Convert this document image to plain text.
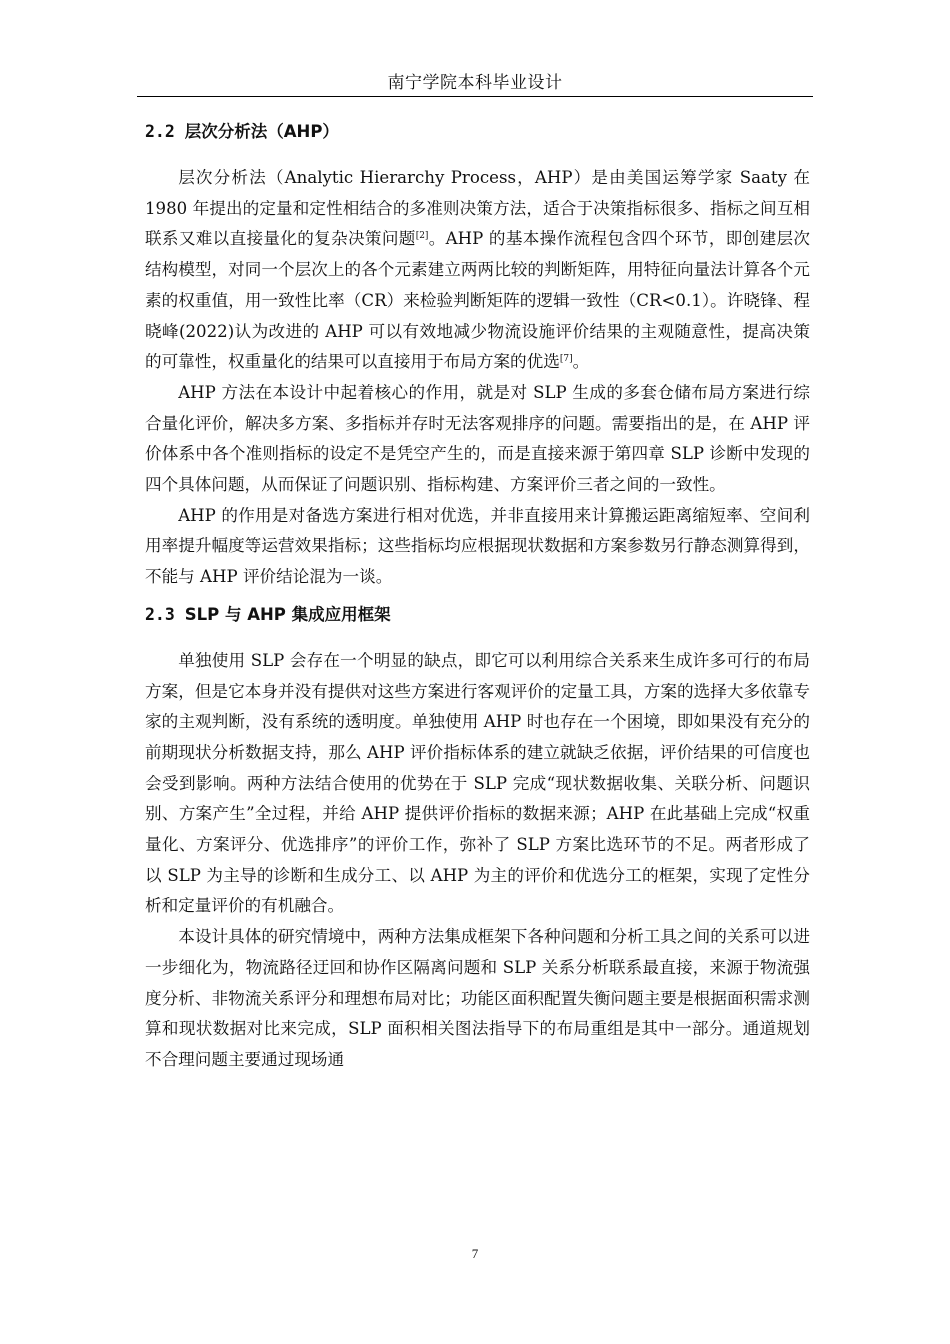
南宁学院本科毕业设计
2.2 层次分析法（AHP）

层次分析法（Analytic Hierarchy Process，AHP）是由美国运筹学家 Saaty 在 1980 年提出的定量和定性相结合的多准则决策方法，适合于决策指标很多、指标之间互相联系又难以直接量化的复杂决策问题[2]。AHP 的基本操作流程包含四个环节，即创建层次结构模型，对同一个层次上的各个元素建立两两比较的判断矩阵，用特征向量法计算各个元素的权重值，用一致性比率（CR）来检验判断矩阵的逻辑一致性（CR<0.1）。许晓锋、程晓峰(2022)认为改进的 AHP 可以有效地减少物流设施评价结果的主观随意性，提高决策的可靠性，权重量化的结果可以直接用于布局方案的优选[7]。

AHP 方法在本设计中起着核心的作用，就是对 SLP 生成的多套仓储布局方案进行综合量化评价，解决多方案、多指标并存时无法客观排序的问题。需要指出的是，在 AHP 评价体系中各个准则指标的设定不是凭空产生的，而是直接来源于第四章 SLP 诊断中发现的四个具体问题，从而保证了问题识别、指标构建、方案评价三者之间的一致性。

AHP 的作用是对备选方案进行相对优选，并非直接用来计算搬运距离缩短率、空间利用率提升幅度等运营效果指标；这些指标均应根据现状数据和方案参数另行静态测算得到，不能与 AHP 评价结论混为一谈。

2.3 SLP 与 AHP 集成应用框架

单独使用 SLP 会存在一个明显的缺点，即它可以利用综合关系来生成许多可行的布局方案，但是它本身并没有提供对这些方案进行客观评价的定量工具，方案的选择大多依靠专家的主观判断，没有系统的透明度。单独使用 AHP 时也存在一个困境，即如果没有充分的前期现状分析数据支持，那么 AHP 评价指标体系的建立就缺乏依据，评价结果的可信度也会受到影响。两种方法结合使用的优势在于 SLP 完成“现状数据收集、关联分析、问题识别、方案产生”全过程，并给 AHP 提供评价指标的数据来源；AHP 在此基础上完成“权重量化、方案评分、优选排序”的评价工作，弥补了 SLP 方案比选环节的不足。两者形成了以 SLP 为主导的诊断和生成分工、以 AHP 为主的评价和优选分工的框架，实现了定性分析和定量评价的有机融合。

本设计具体的研究情境中，两种方法集成框架下各种问题和分析工具之间的关系可以进一步细化为，物流路径迂回和协作区隔离问题和 SLP 关系分析联系最直接，来源于物流强度分析、非物流关系评分和理想布局对比；功能区面积配置失衡问题主要是根据面积需求测算和现状数据对比来完成，SLP 面积相关图法指导下的布局重组是其中一部分。通道规划不合理问题主要通过现场通

7
